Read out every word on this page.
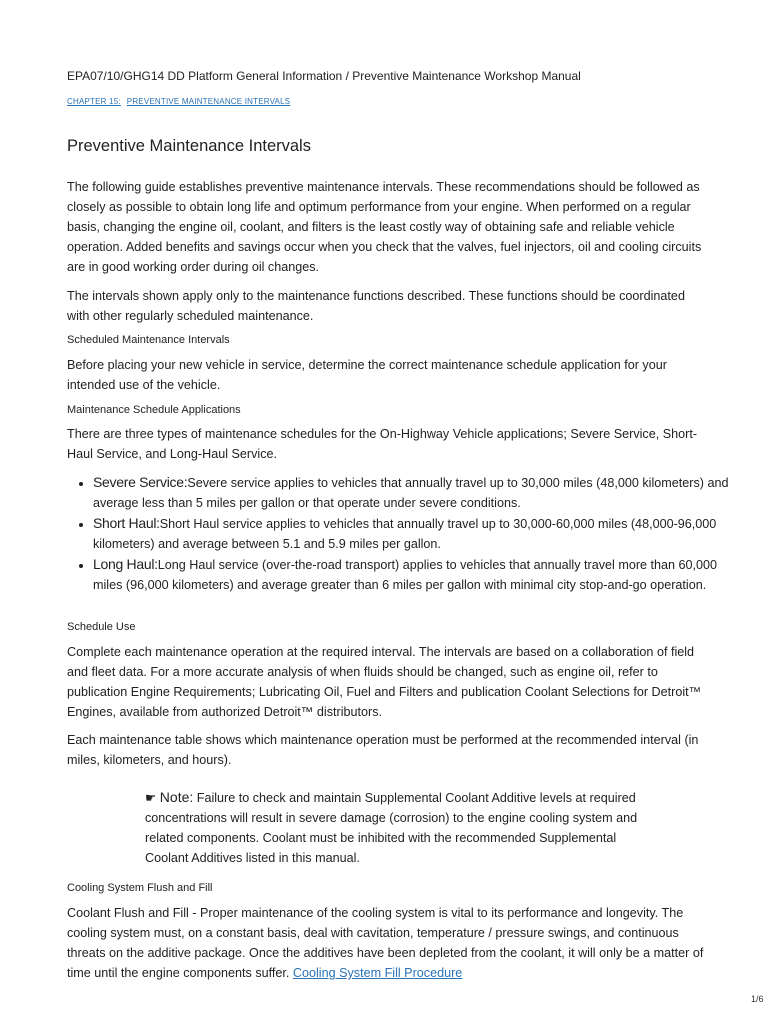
EPA07/10/GHG14 DD Platform General Information / Preventive Maintenance Workshop Manual
CHAPTER 15: PREVENTIVE MAINTENANCE INTERVALS
Preventive Maintenance Intervals

The following guide establishes preventive maintenance intervals. These recommendations should be followed as closely as possible to obtain long life and optimum performance from your engine. When performed on a regular basis, changing the engine oil, coolant, and filters is the least costly way of obtaining safe and reliable vehicle operation. Added benefits and savings occur when you check that the valves, fuel injectors, oil and cooling circuits are in good working order during oil changes.

The intervals shown apply only to the maintenance functions described. These functions should be coordinated with other regularly scheduled maintenance.

Scheduled Maintenance Intervals

Before placing your new vehicle in service, determine the correct maintenance schedule application for your intended use of the vehicle.

Maintenance Schedule Applications

There are three types of maintenance schedules for the On-Highway Vehicle applications; Severe Service, Short-Haul Service, and Long-Haul Service.

• Severe Service:Severe service applies to vehicles that annually travel up to 30,000 miles (48,000 kilometers) and average less than 5 miles per gallon or that operate under severe conditions.
• Short Haul:Short Haul service applies to vehicles that annually travel up to 30,000-60,000 miles (48,000-96,000 kilometers) and average between 5.1 and 5.9 miles per gallon.
• Long Haul:Long Haul service (over-the-road transport) applies to vehicles that annually travel more than 60,000 miles (96,000 kilometers) and average greater than 6 miles per gallon with minimal city stop-and-go operation.
Schedule Use

Complete each maintenance operation at the required interval. The intervals are based on a collaboration of field and fleet data. For a more accurate analysis of when fluids should be changed, such as engine oil, refer to publication Engine Requirements; Lubricating Oil, Fuel and Filters and publication Coolant Selections for Detroit™ Engines, available from authorized Detroit™ distributors.

Each maintenance table shows which maintenance operation must be performed at the recommended interval (in miles, kilometers, and hours).

☛ Note: Failure to check and maintain Supplemental Coolant Additive levels at required concentrations will result in severe damage (corrosion) to the engine cooling system and related components. Coolant must be inhibited with the recommended Supplemental Coolant Additives listed in this manual.
Cooling System Flush and Fill

Coolant Flush and Fill - Proper maintenance of the cooling system is vital to its performance and longevity. The cooling system must, on a constant basis, deal with cavitation, temperature / pressure swings, and continuous threats on the additive package. Once the additives have been depleted from the coolant, it will only be a matter of time until the engine components suffer. Cooling System Fill Procedure

1/6
